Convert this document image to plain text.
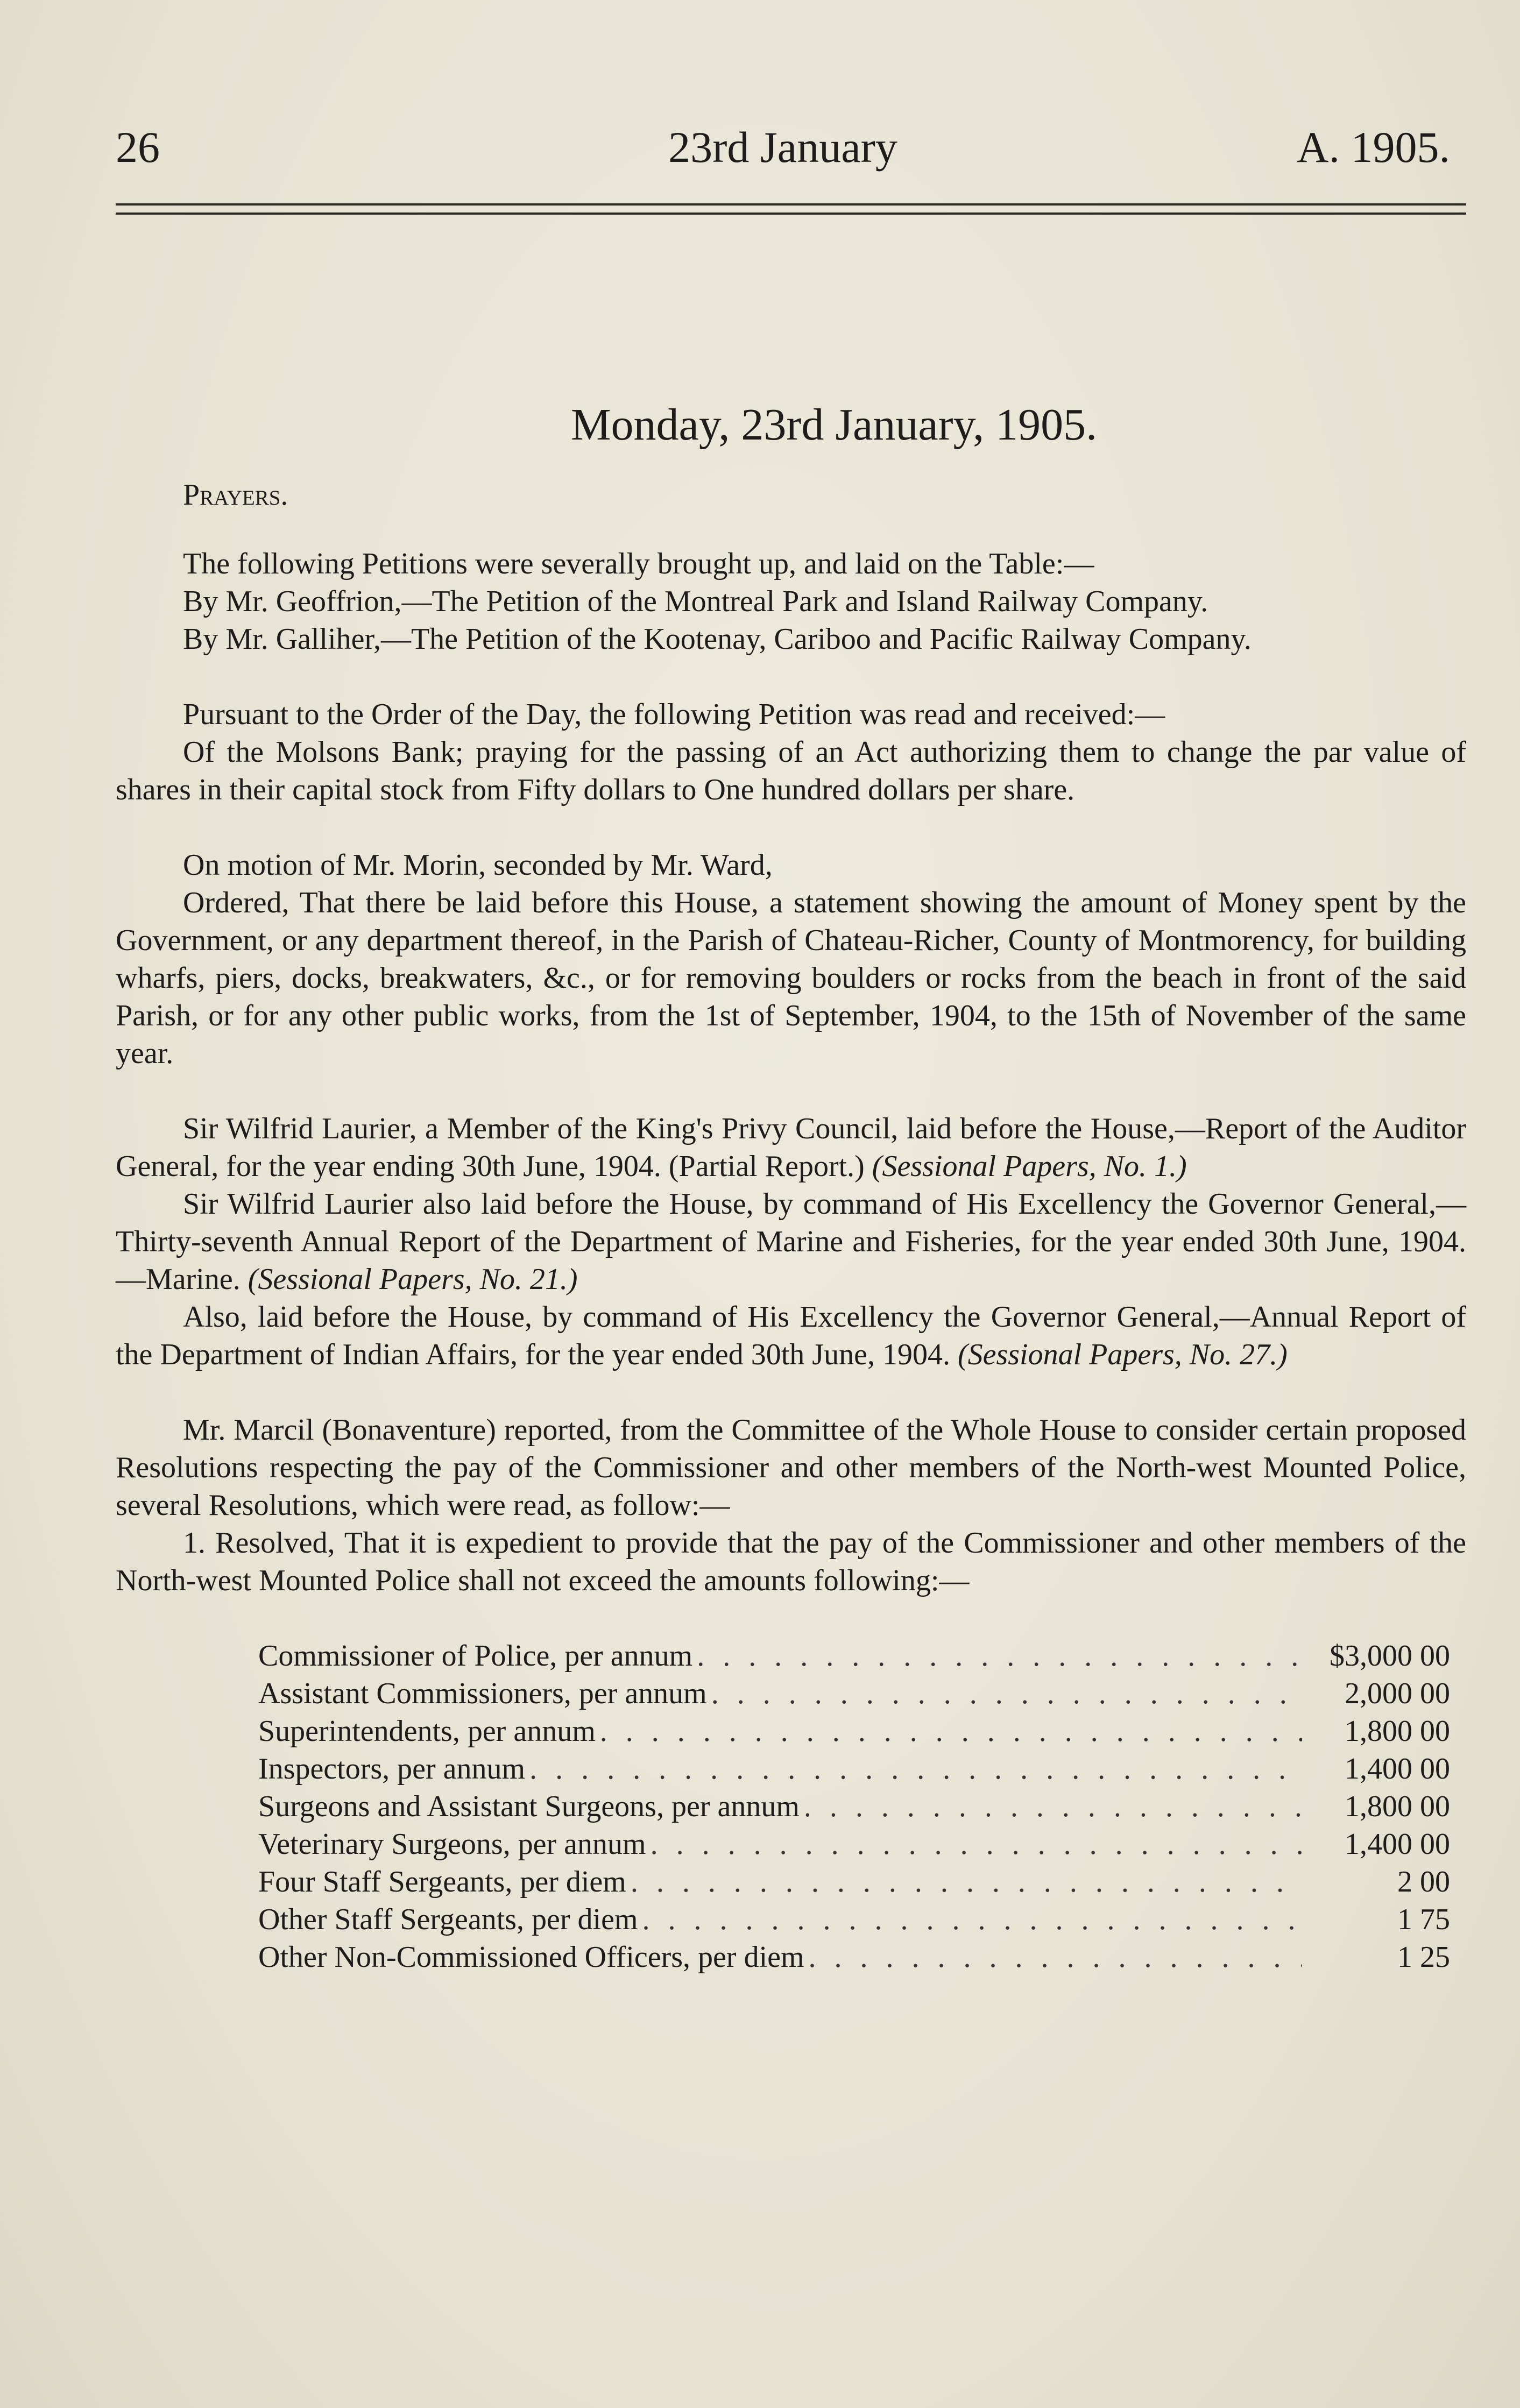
26	23rd January	A. 1905.
Monday, 23rd January, 1905.
Prayers.

The following Petitions were severally brought up, and laid on the Table:—

By Mr. Geoffrion,—The Petition of the Montreal Park and Island Railway Company.

By Mr. Galliher,—The Petition of the Kootenay, Cariboo and Pacific Railway Company.

Pursuant to the Order of the Day, the following Petition was read and received:—

Of the Molsons Bank; praying for the passing of an Act authorizing them to change the par value of shares in their capital stock from Fifty dollars to One hundred dollars per share.

On motion of Mr. Morin, seconded by Mr. Ward,

Ordered, That there be laid before this House, a statement showing the amount of Money spent by the Government, or any department thereof, in the Parish of Chateau-Richer, County of Montmorency, for building wharfs, piers, docks, breakwaters, &c., or for removing boulders or rocks from the beach in front of the said Parish, or for any other public works, from the 1st of September, 1904, to the 15th of November of the same year.

Sir Wilfrid Laurier, a Member of the King's Privy Council, laid before the House,—Report of the Auditor General, for the year ending 30th June, 1904. (Partial Report.) (Sessional Papers, No. 1.)

Sir Wilfrid Laurier also laid before the House, by command of His Excellency the Governor General,—Thirty-seventh Annual Report of the Department of Marine and Fisheries, for the year ended 30th June, 1904.—Marine. (Sessional Papers, No. 21.)

Also, laid before the House, by command of His Excellency the Governor General,—Annual Report of the Department of Indian Affairs, for the year ended 30th June, 1904. (Sessional Papers, No. 27.)

Mr. Marcil (Bonaventure) reported, from the Committee of the Whole House to consider certain proposed Resolutions respecting the pay of the Commissioner and other members of the North-west Mounted Police, several Resolutions, which were read, as follow:—

1. Resolved, That it is expedient to provide that the pay of the Commissioner and other members of the North-west Mounted Police shall not exceed the amounts following:—

Commissioner of Police, per annum . . .	$3,000 00
Assistant Commissioners, per annum . . .	2,000 00
Superintendents, per annum . . .	1,800 00
Inspectors, per annum . . .	1,400 00
Surgeons and Assistant Surgeons, per annum . . .	1,800 00
Veterinary Surgeons, per annum . . .	1,400 00
Four Staff Sergeants, per diem . . .	2 00
Other Staff Sergeants, per diem . . .	1 75
Other Non-Commissioned Officers, per diem . . .	1 25
